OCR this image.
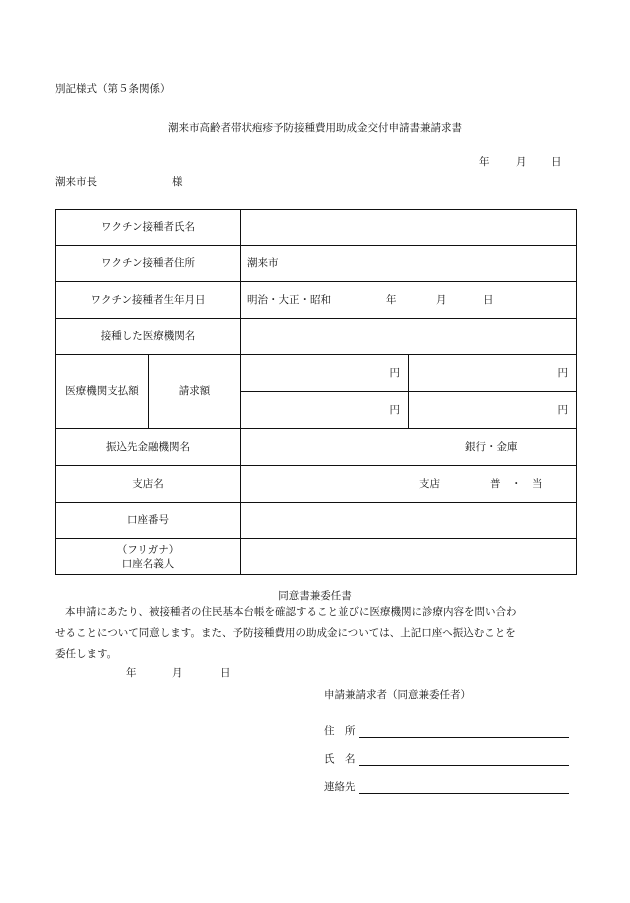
別記様式（第５条関係）
潮来市高齢者帯状疱疹予防接種費用助成金交付申請書兼請求書
年	月 日
潮来市長	様
ワクチン接種者氏名			
ワクチン接種者住所		潮来市	
ワクチン接種者生年月日		明治・大正・昭和 年 月 日	

接種した医療機関名			
医療機関支払額	請求額	円	円

		円	円

振込先金融機関名		銀行・金庫	

支店名		支店 普　・　当	

口座番号			

（フリガナ）
口座名義人			

同意書兼委任書
本申請にあたり、被接種者の住民基本台帳を確認すること並びに医療機関に診療内容を問い合わ
せることについて同意します。また、予防接種費用の助成金については、上記口座へ振込むことを
委任します。
年	月	日
申請兼請求者（同意兼委任者）
住　所
氏　名
連絡先
